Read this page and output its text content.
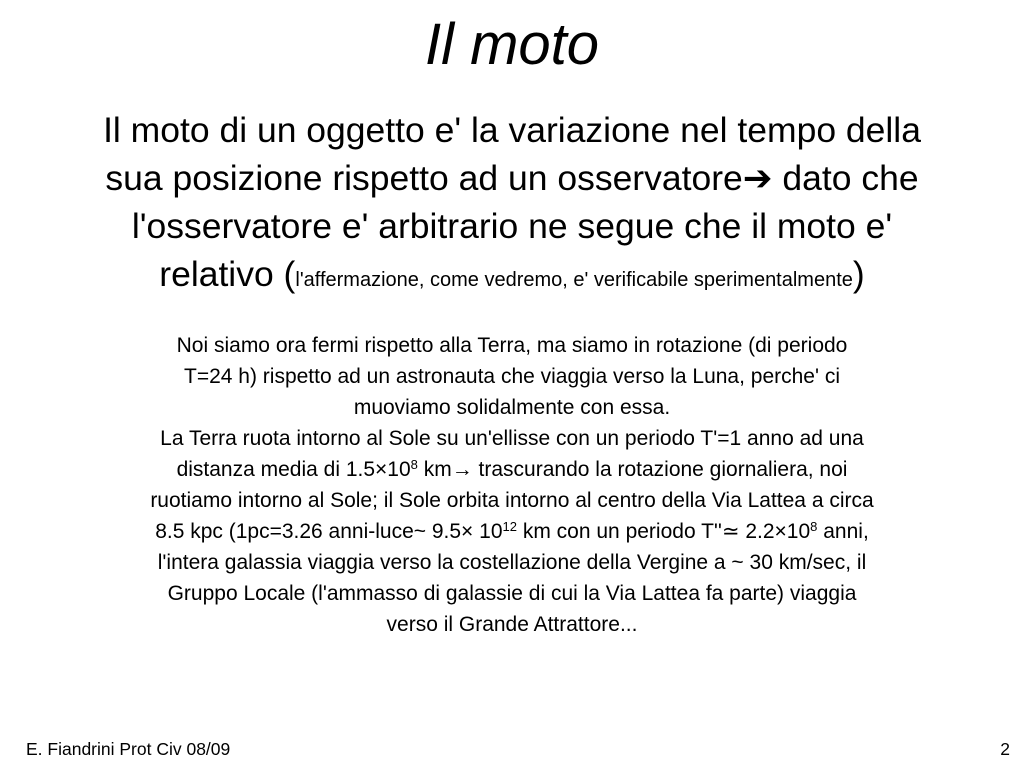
Il moto
Il moto di un oggetto e' la variazione nel tempo della
sua posizione rispetto ad un osservatore➔ dato che
l'osservatore e' arbitrario ne segue che il moto e'
relativo (l'affermazione, come vedremo, e' verificabile sperimentalmente)
Noi siamo ora fermi rispetto alla Terra, ma siamo in rotazione (di periodo
T=24 h) rispetto ad un astronauta che viaggia verso la Luna, perche' ci
muoviamo solidalmente con essa.
La Terra ruota intorno al Sole su un'ellisse con un periodo T'=1 anno ad una
distanza media di $1.5\times 10^8$ km→ trascurando la rotazione giornaliera, noi
ruotiamo intorno al Sole; il Sole orbita intorno al centro della Via Lattea a circa
8.5 kpc (1pc=3.26 anni-luce~ $9.5\times 10^{12}$ km con un periodo T''≃ $2.2\times 10^8$ anni,
l'intera galassia viaggia verso la costellazione della Vergine a ~ 30 km/sec, il
Gruppo Locale (l'ammasso di galassie di cui la Via Lattea fa parte) viaggia
verso il Grande Attrattore...
E. Fiandrini Prot Civ 08/09	2
